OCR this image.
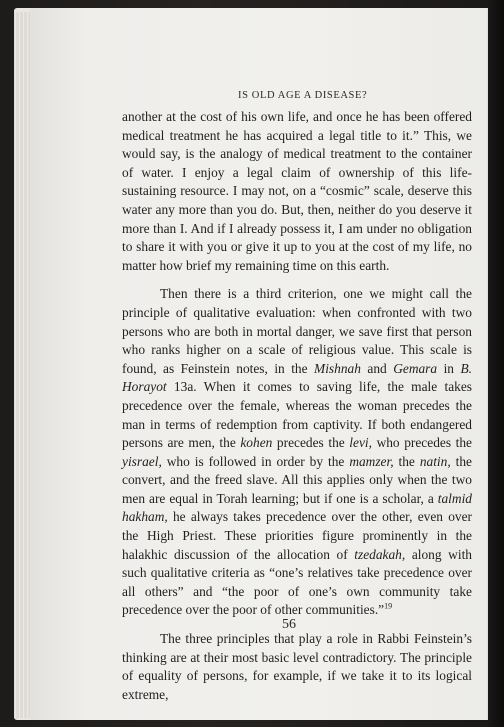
IS OLD AGE A DISEASE?

another at the cost of his own life, and once he has been offered medical treatment he has acquired a legal title to it.” This, we would say, is the analogy of medical treatment to the container of water. I enjoy a legal claim of ownership of this life-sustaining resource. I may not, on a “cosmic” scale, deserve this water any more than you do. But, then, neither do you deserve it more than I. And if I already possess it, I am under no obligation to share it with you or give it up to you at the cost of my life, no matter how brief my remaining time on this earth.

Then there is a third criterion, one we might call the principle of qualitative evaluation: when confronted with two persons who are both in mortal danger, we save first that person who ranks higher on a scale of religious value. This scale is found, as Feinstein notes, in the Mishnah and Gemara in B. Horayot 13a. When it comes to saving life, the male takes precedence over the female, whereas the woman precedes the man in terms of redemption from captivity. If both endangered persons are men, the kohen precedes the levi, who precedes the yisrael, who is followed in order by the mamzer, the natin, the convert, and the freed slave. All this applies only when the two men are equal in Torah learning; but if one is a scholar, a talmid hakham, he always takes precedence over the other, even over the High Priest. These priorities figure prominently in the halakhic discussion of the allocation of tzedakah, along with such qualitative criteria as “one’s relatives take precedence over all others” and “the poor of one’s own community take precedence over the poor of other communities.”$^{19}$

The three principles that play a role in Rabbi Feinstein’s thinking are at their most basic level contradictory. The principle of equality of persons, for example, if we take it to its logical extreme,

56
